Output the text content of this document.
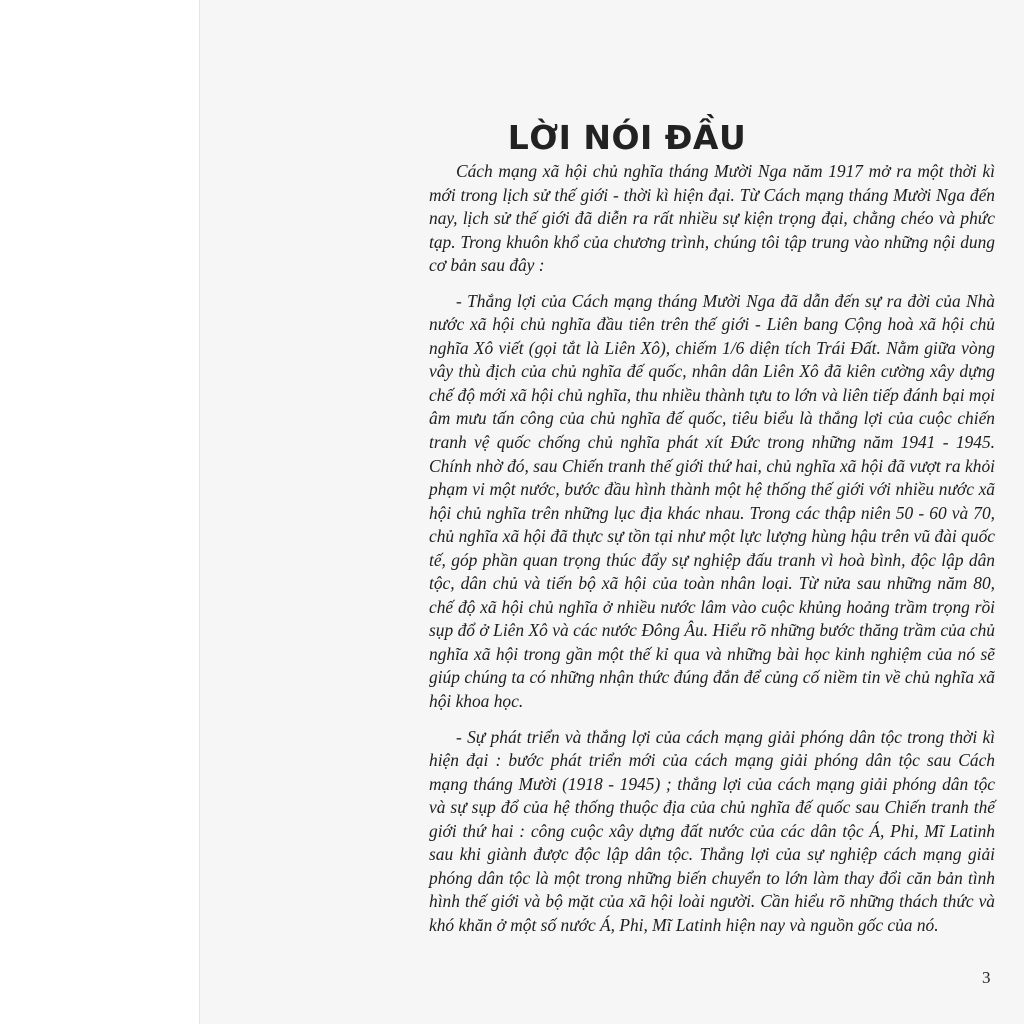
LỜI NÓI ĐẦU

Cách mạng xã hội chủ nghĩa tháng Mười Nga năm 1917 mở ra một thời kì mới trong lịch sử thế giới - thời kì hiện đại. Từ Cách mạng tháng Mười Nga đến nay, lịch sử thế giới đã diễn ra rất nhiều sự kiện trọng đại, chằng chéo và phức tạp. Trong khuôn khổ của chương trình, chúng tôi tập trung vào những nội dung cơ bản sau đây :

- Thắng lợi của Cách mạng tháng Mười Nga đã dẫn đến sự ra đời của Nhà nước xã hội chủ nghĩa đầu tiên trên thế giới - Liên bang Cộng hoà xã hội chủ nghĩa Xô viết (gọi tắt là Liên Xô), chiếm 1/6 diện tích Trái Đất. Nằm giữa vòng vây thù địch của chủ nghĩa đế quốc, nhân dân Liên Xô đã kiên cường xây dựng chế độ mới xã hội chủ nghĩa, thu nhiều thành tựu to lớn và liên tiếp đánh bại mọi âm mưu tấn công của chủ nghĩa đế quốc, tiêu biểu là thắng lợi của cuộc chiến tranh vệ quốc chống chủ nghĩa phát xít Đức trong những năm 1941 - 1945. Chính nhờ đó, sau Chiến tranh thế giới thứ hai, chủ nghĩa xã hội đã vượt ra khỏi phạm vi một nước, bước đầu hình thành một hệ thống thế giới với nhiều nước xã hội chủ nghĩa trên những lục địa khác nhau. Trong các thập niên 50 - 60 và 70, chủ nghĩa xã hội đã thực sự tồn tại như một lực lượng hùng hậu trên vũ đài quốc tế, góp phần quan trọng thúc đẩy sự nghiệp đấu tranh vì hoà bình, độc lập dân tộc, dân chủ và tiến bộ xã hội của toàn nhân loại. Từ nửa sau những năm 80, chế độ xã hội chủ nghĩa ở nhiều nước lâm vào cuộc khủng hoảng trầm trọng rồi sụp đổ ở Liên Xô và các nước Đông Âu. Hiểu rõ những bước thăng trầm của chủ nghĩa xã hội trong gần một thế kỉ qua và những bài học kinh nghiệm của nó sẽ giúp chúng ta có những nhận thức đúng đắn để củng cố niềm tin về chủ nghĩa xã hội khoa học.

- Sự phát triển và thắng lợi của cách mạng giải phóng dân tộc trong thời kì hiện đại : bước phát triển mới của cách mạng giải phóng dân tộc sau Cách mạng tháng Mười (1918 - 1945) ; thắng lợi của cách mạng giải phóng dân tộc và sự sụp đổ của hệ thống thuộc địa của chủ nghĩa đế quốc sau Chiến tranh thế giới thứ hai : công cuộc xây dựng đất nước của các dân tộc Á, Phi, Mĩ Latinh sau khi giành được độc lập dân tộc. Thắng lợi của sự nghiệp cách mạng giải phóng dân tộc là một trong những biến chuyển to lớn làm thay đổi căn bản tình hình thế giới và bộ mặt của xã hội loài người. Cần hiểu rõ những thách thức và khó khăn ở một số nước Á, Phi, Mĩ Latinh hiện nay và nguồn gốc của nó.

3
